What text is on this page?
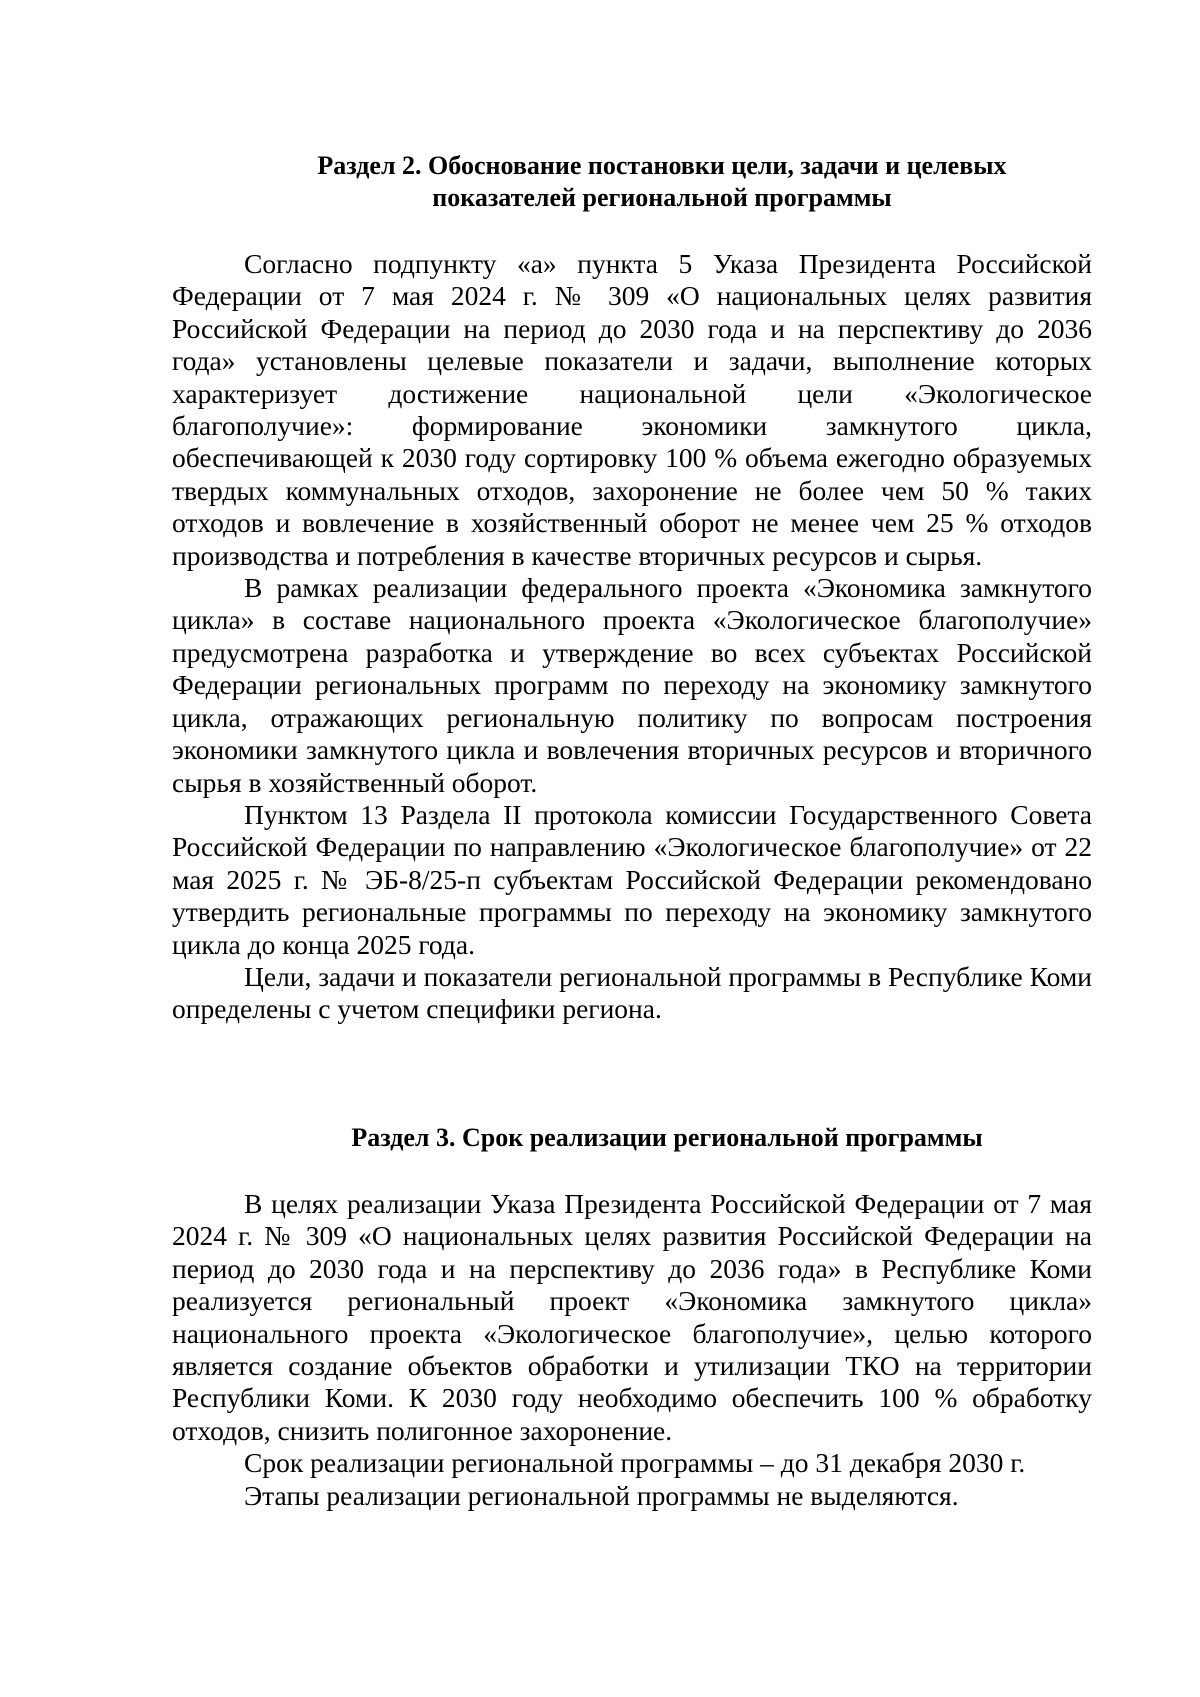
Раздел 2. Обоснование постановки цели, задачи и целевых
показателей региональной программы

Согласно подпункту «а» пункта 5 Указа Президента Российской Федерации от 7 мая 2024 г. № 309 «О национальных целях развития Российской Федерации на период до 2030 года и на перспективу до 2036 года» установлены целевые показатели и задачи, выполнение которых характеризует достижение национальной цели «Экологическое благополучие»: формирование экономики замкнутого цикла, обеспечивающей к 2030 году сортировку 100 % объема ежегодно образуемых твердых коммунальных отходов, захоронение не более чем 50 % таких отходов и вовлечение в хозяйственный оборот не менее чем 25 % отходов производства и потребления в качестве вторичных ресурсов и сырья.

В рамках реализации федерального проекта «Экономика замкнутого цикла» в составе национального проекта «Экологическое благополучие» предусмотрена разработка и утверждение во всех субъектах Российской Федерации региональных программ по переходу на экономику замкнутого цикла, отражающих региональную политику по вопросам построения экономики замкнутого цикла и вовлечения вторичных ресурсов и вторичного сырья в хозяйственный оборот.

Пунктом 13 Раздела II протокола комиссии Государственного Совета Российской Федерации по направлению «Экологическое благополучие» от 22 мая 2025 г. № ЭБ-8/25-п субъектам Российской Федерации рекомендовано утвердить региональные программы по переходу на экономику замкнутого цикла до конца 2025 года.

Цели, задачи и показатели региональной программы в Республике Коми определены с учетом специфики региона.

Раздел 3. Срок реализации региональной программы

В целях реализации Указа Президента Российской Федерации от 7 мая 2024 г. № 309 «О национальных целях развития Российской Федерации на период до 2030 года и на перспективу до 2036 года» в Республике Коми реализуется региональный проект «Экономика замкнутого цикла» национального проекта «Экологическое благополучие», целью которого является создание объектов обработки и утилизации ТКО на территории Республики Коми. К 2030 году необходимо обеспечить 100 % обработку отходов, снизить полигонное захоронение.

Срок реализации региональной программы – до 31 декабря 2030 г.

Этапы реализации региональной программы не выделяются.
